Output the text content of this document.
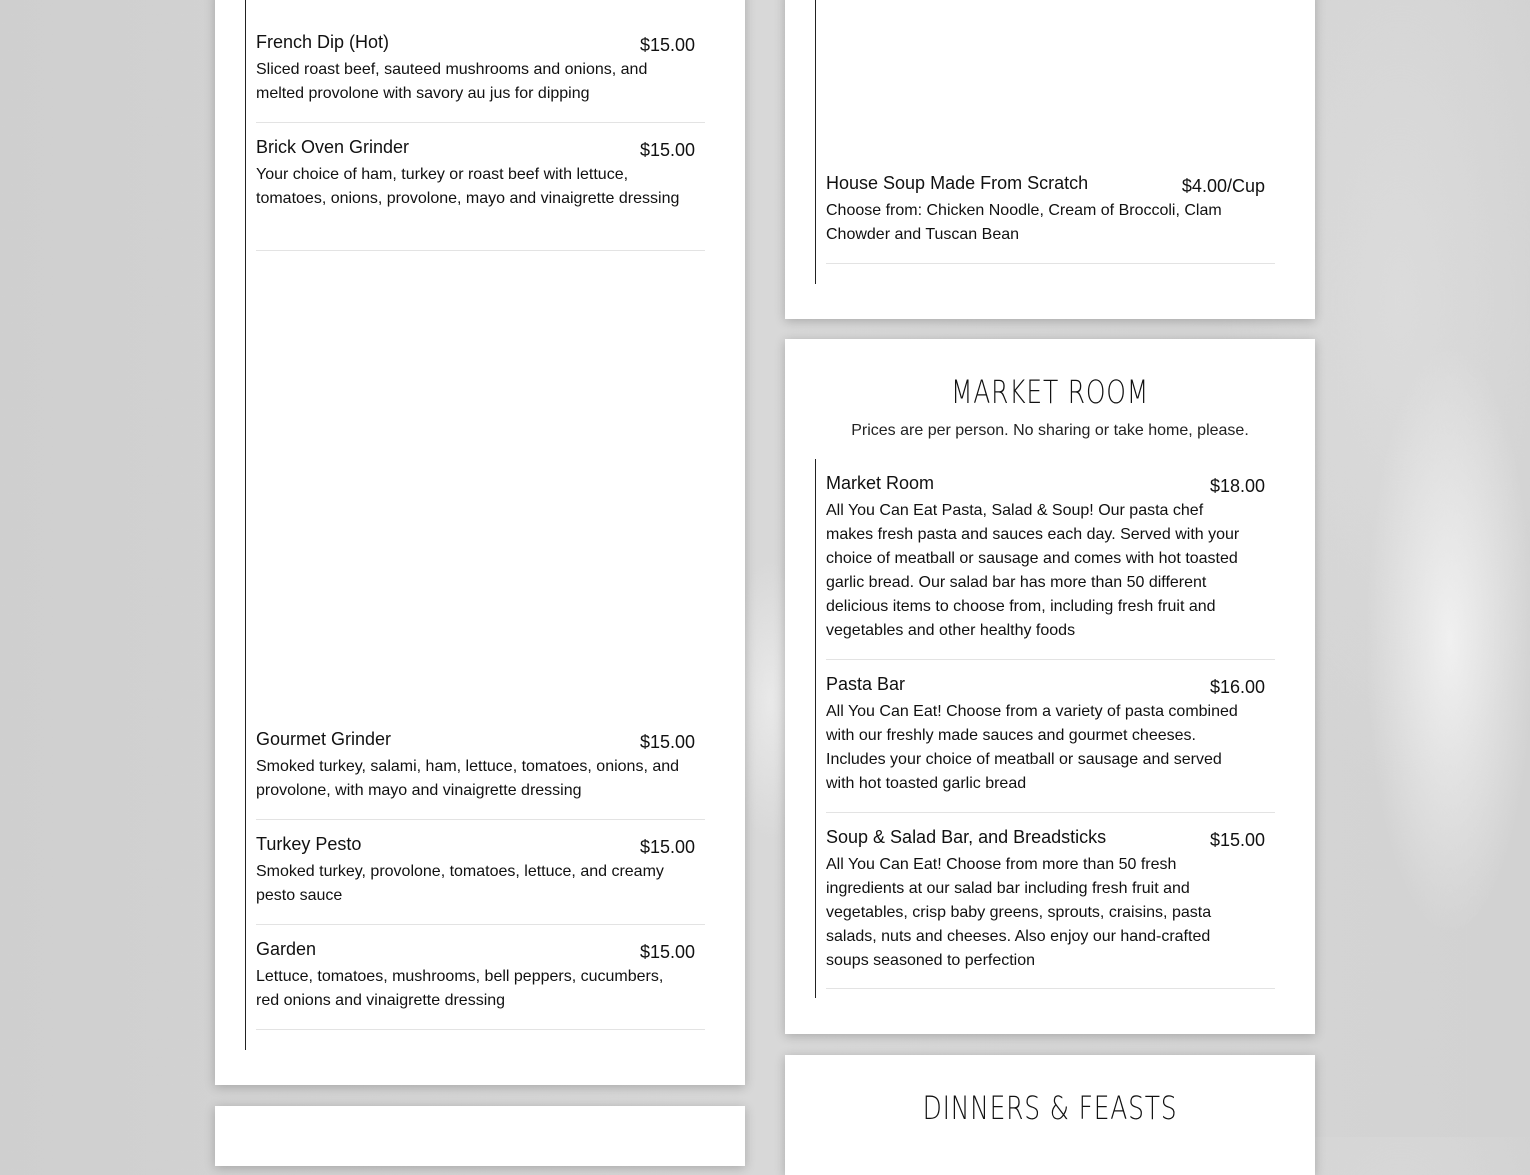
French Dip (Hot)	$15.00
Sliced roast beef, sauteed mushrooms and onions, and melted provolone with savory au jus for dipping
Brick Oven Grinder	$15.00
Your choice of ham, turkey or roast beef with lettuce, tomatoes, onions, provolone, mayo and vinaigrette dressing
Gourmet Grinder	$15.00
Smoked turkey, salami, ham, lettuce, tomatoes, onions, and provolone, with mayo and vinaigrette dressing
Turkey Pesto	$15.00
Smoked turkey, provolone, tomatoes, lettuce, and creamy pesto sauce
Garden	$15.00
Lettuce, tomatoes, mushrooms, bell peppers, cucumbers, red onions and vinaigrette dressing
House Soup Made From Scratch	$4.00/Cup
Choose from: Chicken Noodle, Cream of Broccoli, Clam Chowder and Tuscan Bean
MARKET ROOM
Prices are per person. No sharing or take home, please.
Market Room	$18.00
All You Can Eat Pasta, Salad & Soup! Our pasta chef makes fresh pasta and sauces each day. Served with your choice of meatball or sausage and comes with hot toasted garlic bread. Our salad bar has more than 50 different delicious items to choose from, including fresh fruit and vegetables and other healthy foods
Pasta Bar	$16.00
All You Can Eat! Choose from a variety of pasta combined with our freshly made sauces and gourmet cheeses. Includes your choice of meatball or sausage and served with hot toasted garlic bread
Soup & Salad Bar, and Breadsticks	$15.00
All You Can Eat! Choose from more than 50 fresh ingredients at our salad bar including fresh fruit and vegetables, crisp baby greens, sprouts, craisins, pasta salads, nuts and cheeses. Also enjoy our hand-crafted soups seasoned to perfection
DINNERS & FEASTS
